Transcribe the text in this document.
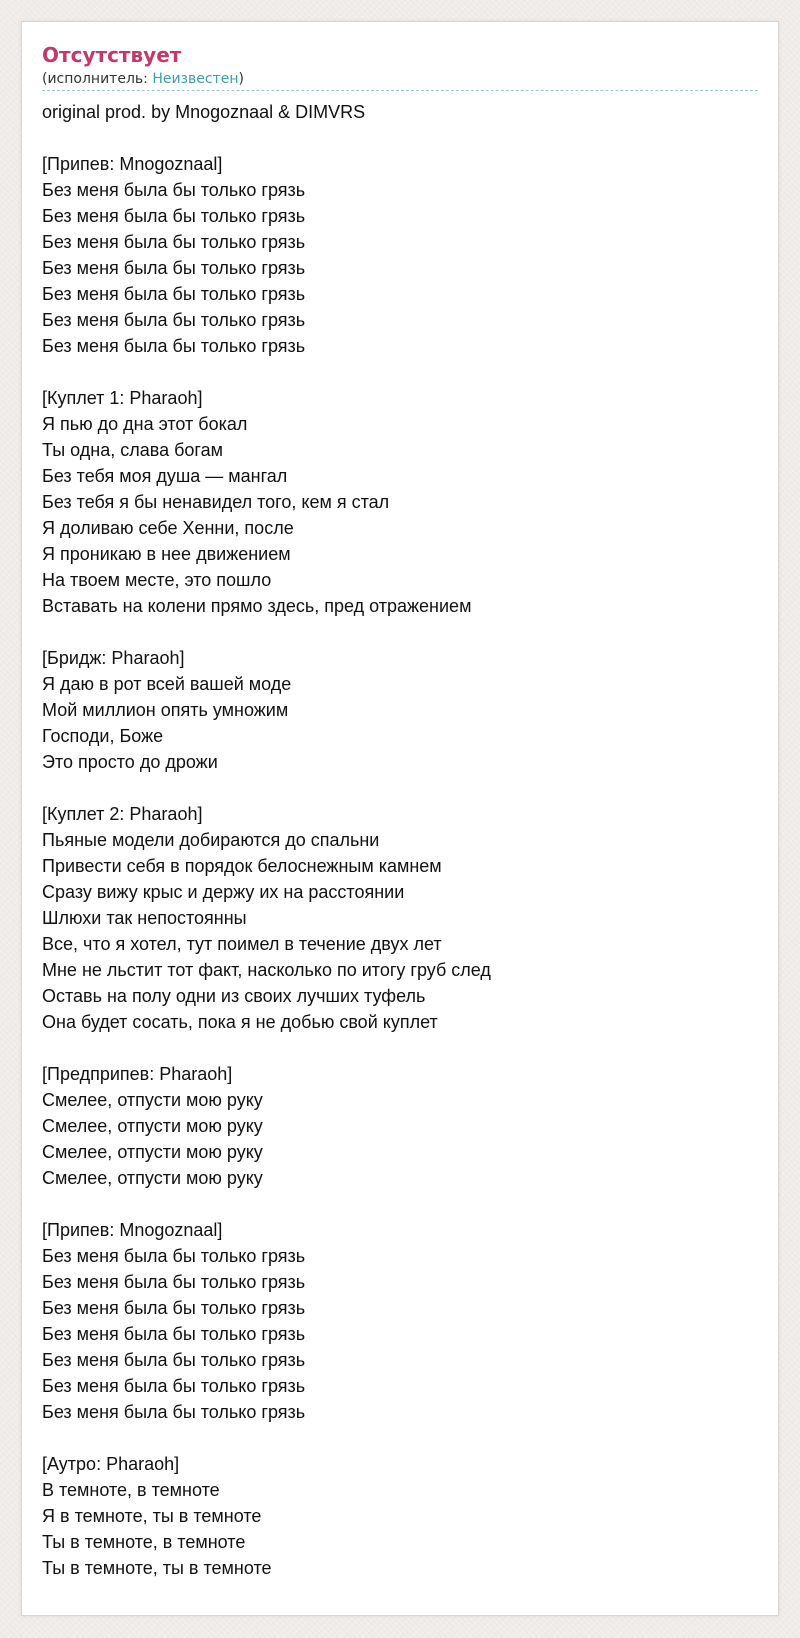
Отсутствует
(исполнитель: Неизвестен)
original prod. by Mnogoznaal & DIMVRS
[Припев: Mnogoznaal]
Без меня была бы только грязь
Без меня была бы только грязь
Без меня была бы только грязь
Без меня была бы только грязь
Без меня была бы только грязь
Без меня была бы только грязь
Без меня была бы только грязь
[Куплет 1: Pharaoh]
Я пью до дна этот бокал
Ты одна, слава богам
Без тебя моя душа — мангал
Без тебя я бы ненавидел того, кем я стал
Я доливаю себе Хенни, после
Я проникаю в нее движением
На твоем месте, это пошло
Вставать на колени прямо здесь, пред отражением
[Бридж: Pharaoh]
Я даю в рот всей вашей моде
Мой миллион опять умножим
Господи, Боже
Это просто до дрожи
[Куплет 2: Pharaoh]
Пьяные модели добираются до спальни
Привести себя в порядок белоснежным камнем
Сразу вижу крыс и держу их на расстоянии
Шлюхи так непостоянны
Все, что я хотел, тут поимел в течение двух лет
Мне не льстит тот факт, насколько по итогу груб след
Оставь на полу одни из своих лучших туфель
Она будет сосать, пока я не добью свой куплет
[Предприпев: Pharaoh]
Смелее, отпусти мою руку
Смелее, отпусти мою руку
Смелее, отпусти мою руку
Смелее, отпусти мою руку
[Припев: Mnogoznaal]
Без меня была бы только грязь
Без меня была бы только грязь
Без меня была бы только грязь
Без меня была бы только грязь
Без меня была бы только грязь
Без меня была бы только грязь
Без меня была бы только грязь
[Аутро: Pharaoh]
В темноте, в темноте
Я в темноте, ты в темноте
Ты в темноте, в темноте
Ты в темноте, ты в темноте
